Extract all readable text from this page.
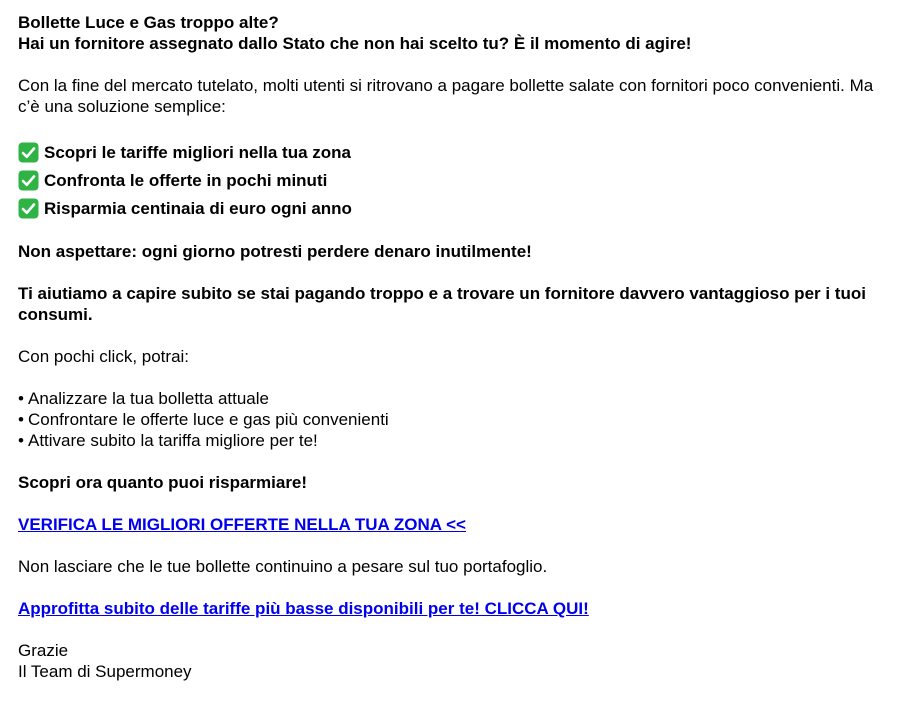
Bollette Luce e Gas troppo alte?
Hai un fornitore assegnato dallo Stato che non hai scelto tu? È il momento di agire!

Con la fine del mercato tutelato, molti utenti si ritrovano a pagare bollette salate con fornitori poco convenienti. Ma c’è una soluzione semplice:

Scopri le tariffe migliori nella tua zona
Confronta le offerte in pochi minuti
Risparmia centinaia di euro ogni anno

Non aspettare: ogni giorno potresti perdere denaro inutilmente!

Ti aiutiamo a capire subito se stai pagando troppo e a trovare un fornitore davvero vantaggioso per i tuoi consumi.

Con pochi click, potrai:

• Analizzare la tua bolletta attuale
• Confrontare le offerte luce e gas più convenienti
• Attivare subito la tariffa migliore per te!

Scopri ora quanto puoi risparmiare!

VERIFICA LE MIGLIORI OFFERTE NELLA TUA ZONA <<

Non lasciare che le tue bollette continuino a pesare sul tuo portafoglio.

Approfitta subito delle tariffe più basse disponibili per te! CLICCA QUI!

Grazie
Il Team di Supermoney
